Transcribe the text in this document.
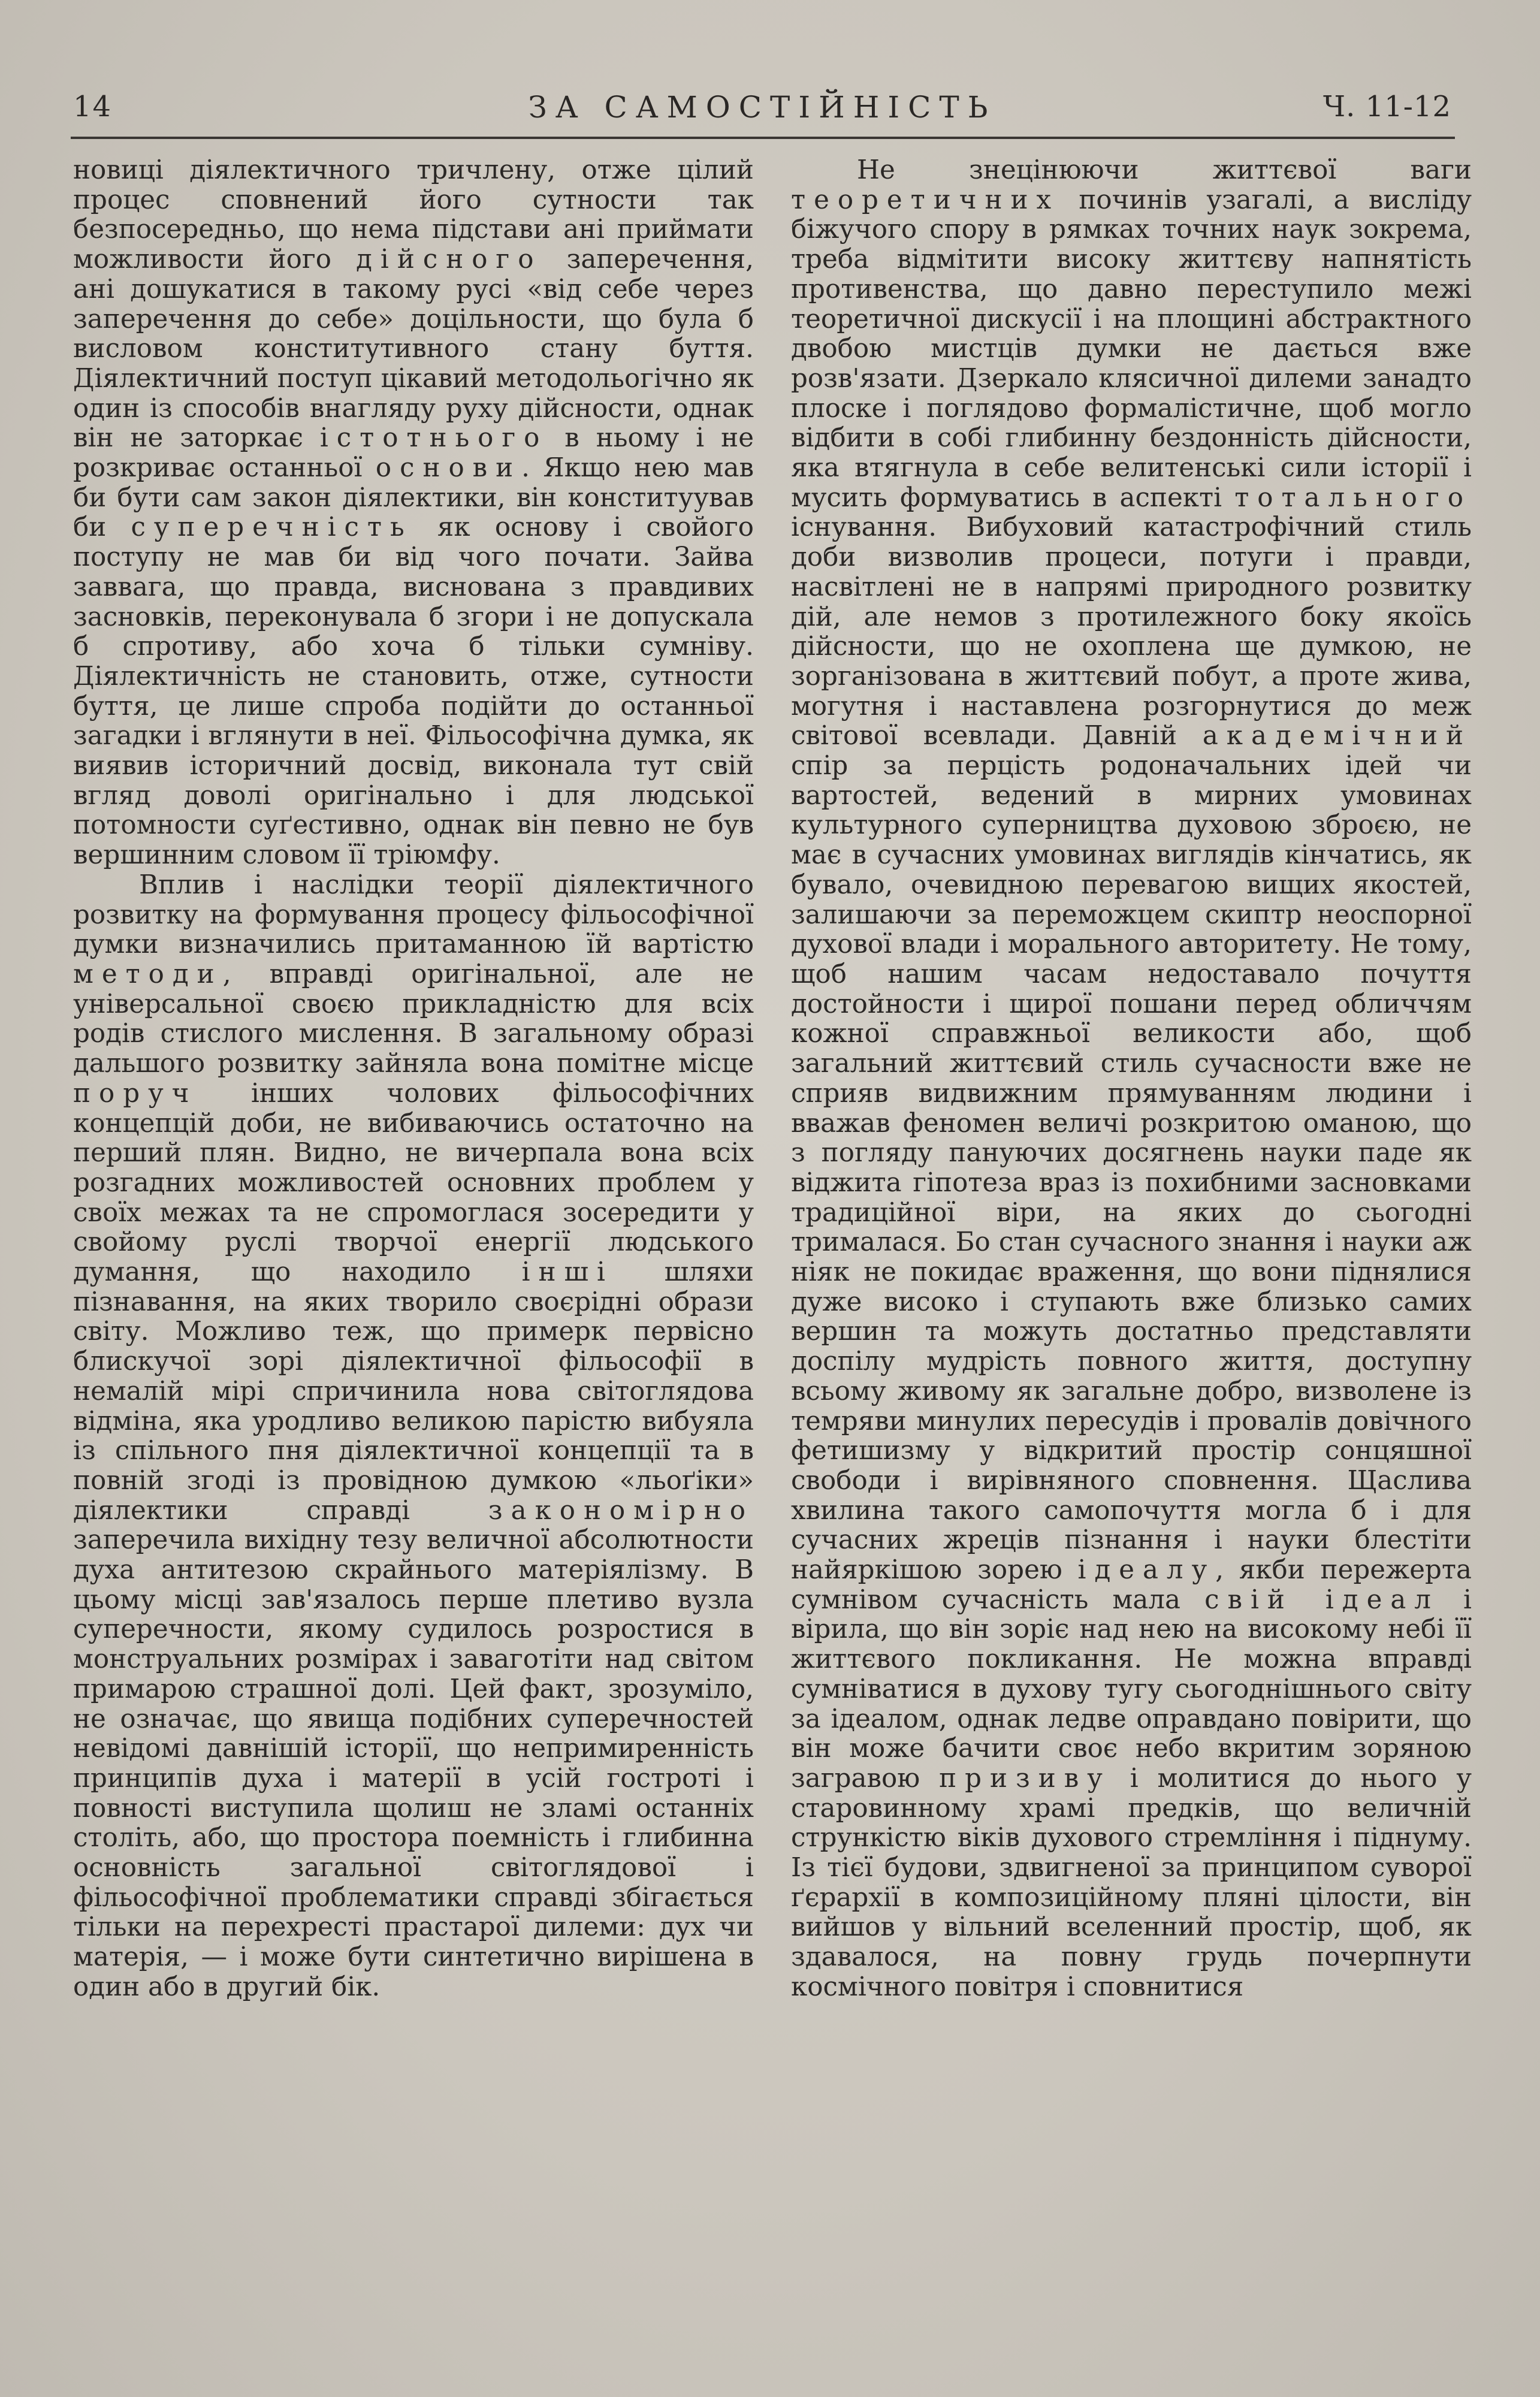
14	ЗА САМОСТІЙНІСТЬ	Ч. 11-12

новиці діялектичного тричлену, отже цілий процес сповнений його сутности так безпосередньо, що нема підстави ані приймати можливости його дійсного заперечення, ані дошукатися в такому русі «від себе через заперечення до себе» доцільности, що була б висловом конститутивного стану буття. Діялектичний поступ цікавий методольогічно як один із способів внагляду руху дійсности, однак він не заторкає істотнього в ньому і не розкриває останньої основи. Якщо нею мав би бути сам закон діялектики, він конституував би суперечність як основу і свойого поступу не мав би від чого почати. Зайва заввага, що правда, висновaна з правдивих засновків, переконувала б згори і не допускала б спротиву, або хоча б тільки сумніву. Діялектичність не становить, отже, сутности буття, це лише спроба подійти до останньої загадки і вглянути в неї. Фільософічна думка, як виявив історичний досвід, виконала тут свій вгляд доволі оригінально і для людської потомности суґестивно, однак він певно не був вершинним словом її тріюмфу.

Вплив і наслідки теорії діялектичного розвитку на формування процесу фільософічної думки визначились притаманною їй вартістю методи, вправді оригінальної, але не універсальної своєю прикладністю для всіх родів стислого мислення. В загальному образі дальшого розвитку зайняла вона помітне місце поруч інших чоловиx фільософічних концепцій доби, не вибиваючись остаточно на перший плян. Видно, не вичерпала вона всіх розгадних можливостей основних проблем у своїх межах та не спромоглася зосередити у свойому руслі творчої енергії людського думання, що находило інші шляхи пізнавання, на яких творило своєрідні образи світу. Можливо теж, що примерк первісно блискучої зорі діялектичної фільософії в немалій мірі спричинила нова світоглядова відміна, яка уродливо великою парістю вибуяла із спільного пня діялектичної концепції та в повній згоді із провідною думкою «льоґіки» діялектики справді закономірно заперечила вихідну тезу величної абсолютности духа антитезою скрайнього матеріялізму. В цьому місці зав'язалось перше плетиво вузла суперечности, якому судилось розростися в монструальних розмірах і заваготіти над світом примарою страшної долі. Цей факт, зрозуміло, не означає, що явища подібних суперечностей невідомі давнішій історії, що непримиренність принципів духа і матерії в усій гостроті і повності виступила щолиш не зламі останніх століть, або, що простора поемність і глибинна основність загальної світоглядової і фільософічної проблематики справді збігається тільки на перехресті прастарої дилеми: дух чи матерія, — і може бути синтетично вирішена в один або в другий бік.

Не знецінюючи життєвої ваги теоретичних починів узагалі, а висліду біжучого спору в рямках точних наук зокрема, треба відмітити високу життєву напнятість противенства, що давно переступило межі теоретичної дискусії і на площині абстрактного двобою мистців думки не дається вже розв'язати. Дзеркало клясичної дилеми занадто плоске і поглядово формалістичне, щоб могло відбити в собі глибинну бездонність дійсности, яка втягнула в себе велитенські сили історії і мусить формуватись в аспекті тотального існування. Вибуховий катастрофічний стиль доби визволив процеси, потуги і правди, насвітлені не в напрямі природного розвитку дій, але немов з протилежного боку якоїсь дійсности, що не охоплена ще думкою, не зорганізована в життєвий побут, а проте жива, могутня і наставлена розгорнутися до меж світової всевлади. Давній академічний спір за перцість родоначальних ідей чи вартостей, ведений в мирних умовинах культурного суперництва духовою зброєю, не має в сучасних умовинах виглядів кінчатись, як бувало, очевидною перевагою вищих якостей, залишаючи за переможцем скиптр неоспорної духової влади і морального авторитету. Не тому, щоб нашим часам недоставало почуття достойности і щирої пошани перед обличчям кожної справжньої великости або, щоб загальний життєвий стиль сучасности вже не сприяв видвижним прямуванням людини і вважав феномен величі розкритою оманою, що з погляду пануючих досягнень науки паде як віджита гіпотеза враз із похибними засновками традиційної віри, на яких до сьогодні трималася. Бо стан сучасного знання і науки аж ніяк не покидає враження, що вони піднялися дуже високо і ступають вже близько самих вершин та можуть достатньо представляти доспілу мудрість повного життя, доступну всьому живому як загальне добро, визволене із темряви минулих пересудів і провалів довічного фетишизму у відкритий простір сонцяшної свободи і вирівняного сповнення. Щаслива хвилина такого самопочуття могла б і для сучасних жреців пізнання і науки блестіти найяркішою зорею ідеалу, якби пережерта сумнівом сучасність мала свій ідеал і вірила, що він зоріє над нею на високому небі її життєвого покликання. Не можна вправді сумніватися в духову тугу сьогоднішнього світу за ідеалом, однак ледве оправдано повірити, що він може бачити своє небо вкритим зоряною загравою призиву і молитися до нього у старовинному храмі предків, що величній стрункістю віків духового стремління і піднуму. Із тієї будови, здвигненої за принципом суворої ґєрархії в композиційному пляні цілости, він вийшов у вільний вселенний простір, щоб, як здавалося, на повну грудь почерпнути космічного повітря і сповнитися
